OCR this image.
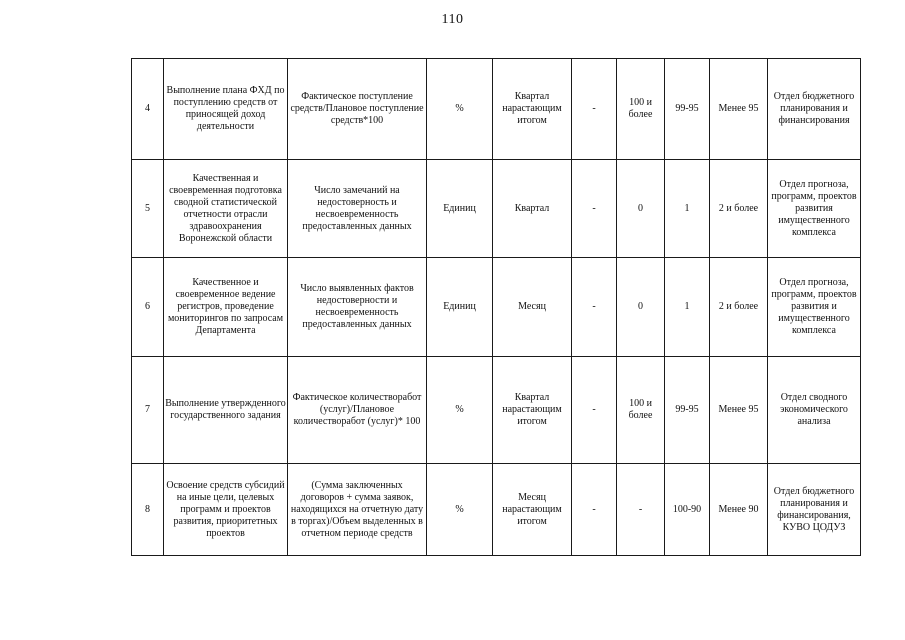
110
4	Выполнение плана ФХД по поступлению средств от приносящей доход деятельности	Фактическое поступление средств/Плановое поступление средств*100	%	Квартал нарастающим итогом	-	100 и более	99-95	Менее 95	Отдел бюджетного планирования и финансирования
5	Качественная и своевременная подготовка сводной статистической отчетности отрасли здравоохранения Воронежской области	Число замечаний на недостоверность и несвоевременность предоставленных данных	Единиц	Квартал	-	0	1	2 и более	Отдел прогноза, программ, проектов развития имущественного комплекса
6	Качественное и своевременное ведение регистров, проведение мониторингов по запросам Департамента	Число выявленных фактов недостоверности и несвоевременность предоставленных данных	Единиц	Месяц	-	0	1	2 и более	Отдел прогноза, программ, проектов развития и имущественного комплекса
7	Выполнение утвержденного государственного задания	Фактическое количестворабот (услуг)/Плановое количестворабот (услуг)* 100	%	Квартал нарастающим итогом	-	100 и более	99-95	Менее 95	Отдел сводного экономического анализа
8	Освоение средств субсидий на иные цели, целевых программ и проектов развития, приоритетных проектов	(Сумма заключенных договоров + сумма заявок, находящихся на отчетную дату в торгах)/Объем выделенных в отчетном периоде средств	%	Месяц нарастающим итогом	-	-	100-90	Менее 90	Отдел бюджетного планирования и финансирования, КУВО ЦОДУЗ
